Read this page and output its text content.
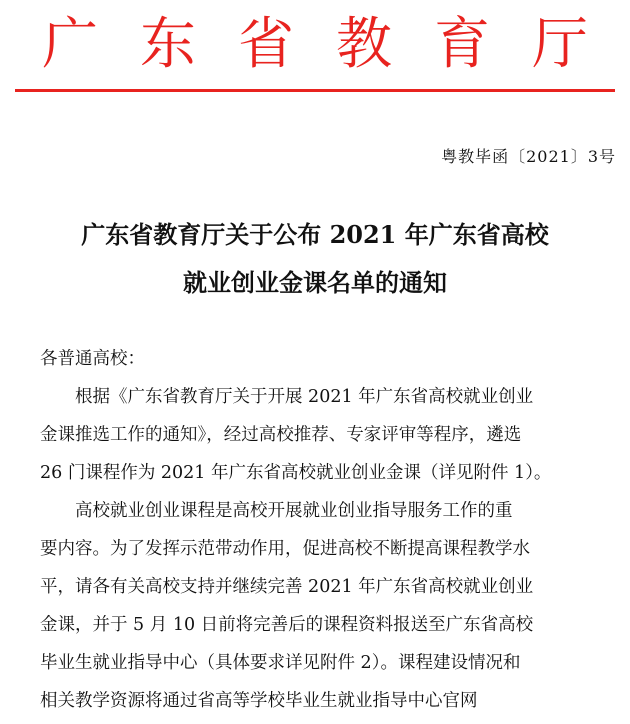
广 东 省 教 育 厅
粤教毕函〔2021〕3号
广东省教育厅关于公布 2021 年广东省高校
就业创业金课名单的通知
各普通高校：
　　根据《广东省教育厅关于开展 2021 年广东省高校就业创业
金课推选工作的通知》，经过高校推荐、专家评审等程序，遴选
26 门课程作为 2021 年广东省高校就业创业金课（详见附件 1）。
　　高校就业创业课程是高校开展就业创业指导服务工作的重
要内容。为了发挥示范带动作用，促进高校不断提高课程教学水
平，请各有关高校支持并继续完善 2021 年广东省高校就业创业
金课，并于 5 月 10 日前将完善后的课程资料报送至广东省高校
毕业生就业指导中心（具体要求详见附件 2）。课程建设情况和
相关教学资源将通过省高等学校毕业生就业指导中心官网
